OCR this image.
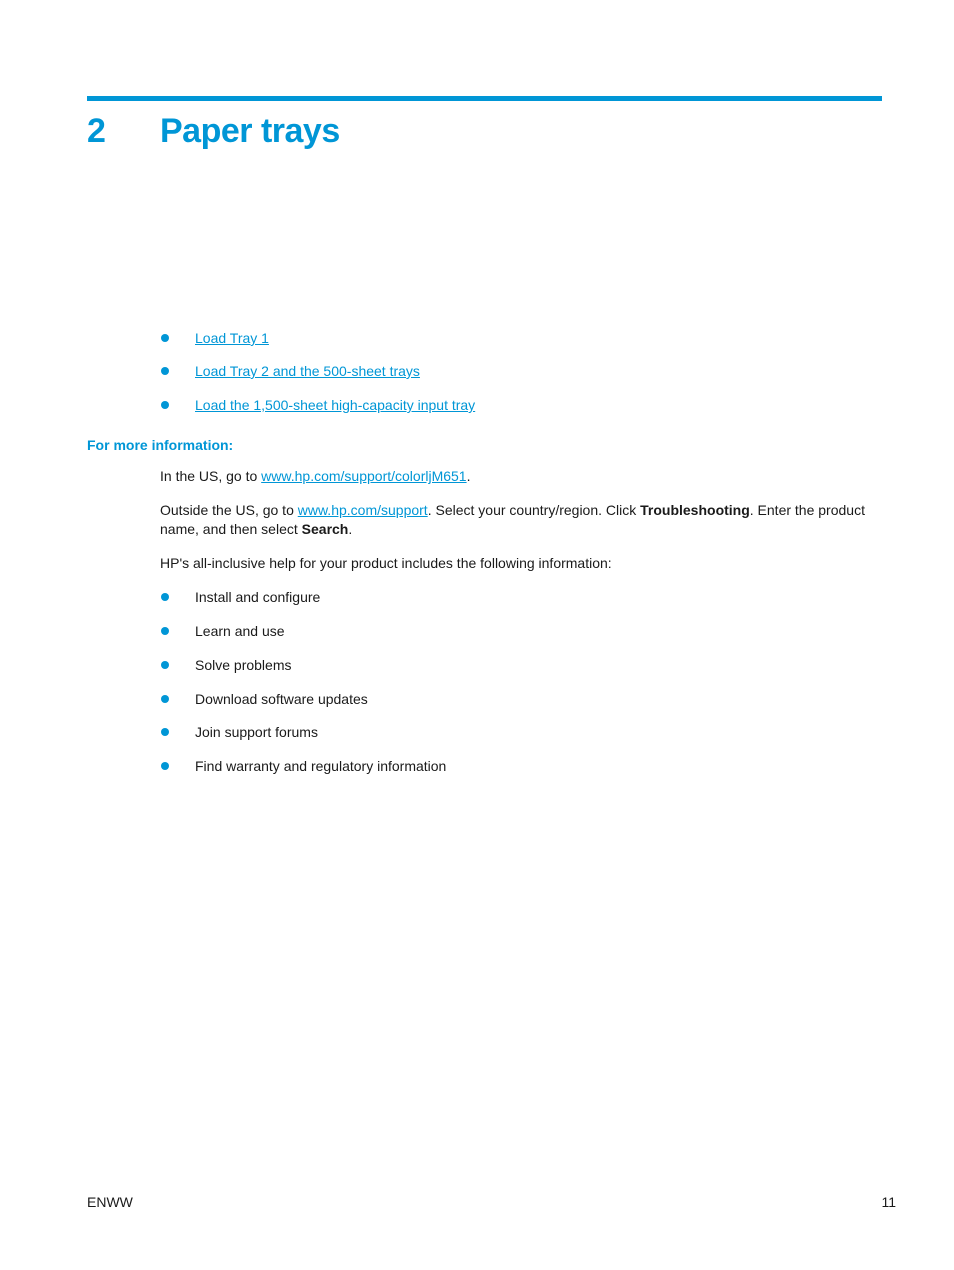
2 Paper trays
Load Tray 1
Load Tray 2 and the 500-sheet trays
Load the 1,500-sheet high-capacity input tray
For more information:

In the US, go to www.hp.com/support/colorljM651.

Outside the US, go to www.hp.com/support. Select your country/region. Click Troubleshooting. Enter the product name, and then select Search.

HP's all-inclusive help for your product includes the following information:

Install and configure
Learn and use
Solve problems
Download software updates
Join support forums
Find warranty and regulatory information
ENWW	11
